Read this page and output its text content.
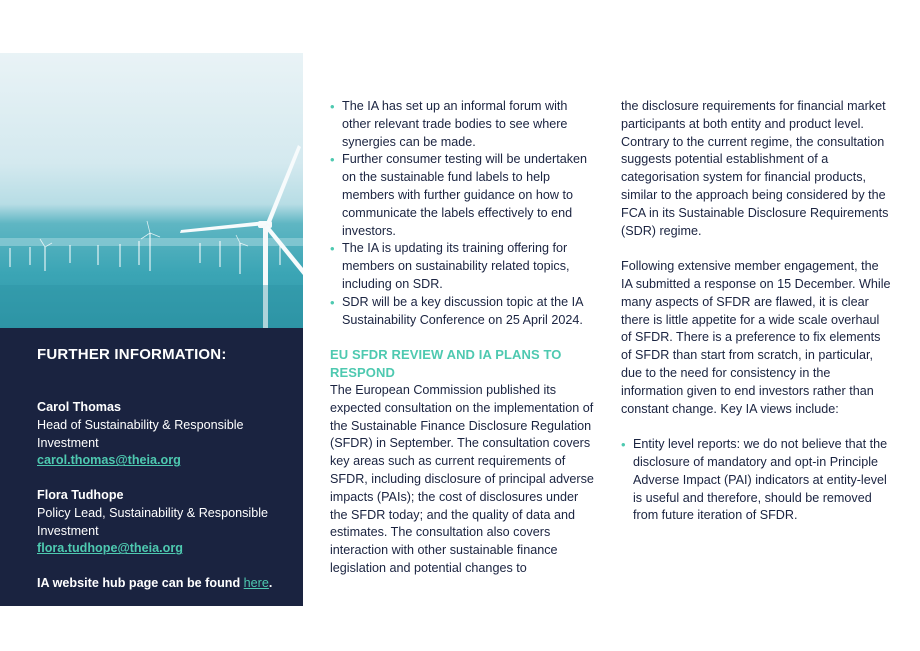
FURTHER INFORMATION:
Carol Thomas
Head of Sustainability & Responsible Investment
carol.thomas@theia.org
Flora Tudhope
Policy Lead, Sustainability & Responsible Investment
flora.tudhope@theia.org
IA website hub page can be found here.
• The IA has set up an informal forum with other relevant trade bodies to see where synergies can be made.
• Further consumer testing will be undertaken on the sustainable fund labels to help members with further guidance on how to communicate the labels effectively to end investors.
• The IA is updating its training offering for members on sustainability related topics, including on SDR.
• SDR will be a key discussion topic at the IA Sustainability Conference on 25 April 2024.
EU SFDR REVIEW AND IA PLANS TO RESPOND

The European Commission published its expected consultation on the implementation of the Sustainable Finance Disclosure Regulation (SFDR) in September. The consultation covers key areas such as current requirements of SFDR, including disclosure of principal adverse impacts (PAIs); the cost of disclosures under the SFDR today; and the quality of data and estimates. The consultation also covers interaction with other sustainable finance legislation and potential changes to

the disclosure requirements for financial market participants at both entity and product level. Contrary to the current regime, the consultation suggests potential establishment of a categorisation system for financial products, similar to the approach being considered by the FCA in its Sustainable Disclosure Requirements (SDR) regime.

Following extensive member engagement, the IA submitted a response on 15 December. While many aspects of SFDR are flawed, it is clear there is little appetite for a wide scale overhaul of SFDR. There is a preference to fix elements of SFDR than start from scratch, in particular, due to the need for consistency in the information given to end investors rather than constant change. Key IA views include:

• Entity level reports: we do not believe that the disclosure of mandatory and opt-in Principle Adverse Impact (PAI) indicators at entity-level is useful and therefore, should be removed from future iteration of SFDR.
